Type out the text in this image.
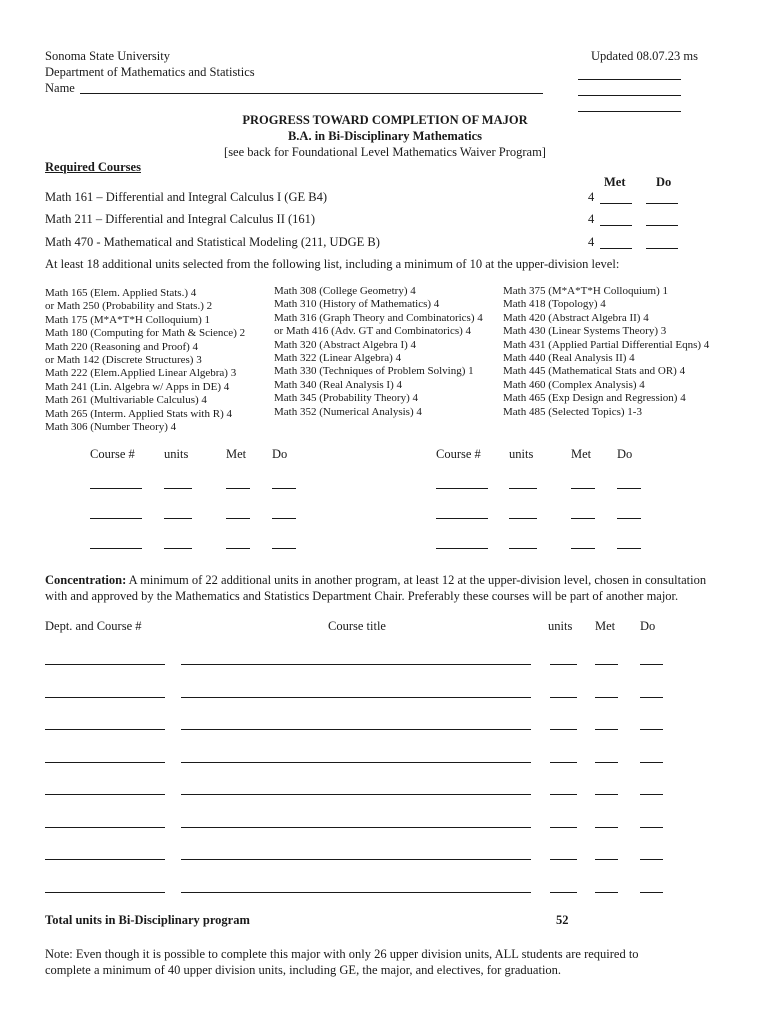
Sonoma State University
Department of Mathematics and Statistics
Name
Updated 08.07.23 ms
PROGRESS TOWARD COMPLETION OF MAJOR
B.A. in Bi-Disciplinary Mathematics
[see back for Foundational Level Mathematics Waiver Program]
Required Courses
Met Do
Math 161 – Differential and Integral Calculus I (GE B4)	4
Math 211 – Differential and Integral Calculus II (161)	4
Math 470 - Mathematical and Statistical Modeling (211, UDGE B)	4
At least 18 additional units selected from the following list, including a minimum of 10 at the upper-division level:
Math 165 (Elem. Applied Stats.) 4
or Math 250 (Probability and Stats.) 2
Math 175 (M*A*T*H Colloquium) 1
Math 180 (Computing for Math & Science) 2
Math 220 (Reasoning and Proof) 4
or Math 142 (Discrete Structures) 3
Math 222 (Elem.Applied Linear Algebra) 3
Math 241 (Lin. Algebra w/ Apps in DE) 4
Math 261 (Multivariable Calculus) 4
Math 265 (Interm. Applied Stats with R) 4
Math 306 (Number Theory) 4
Math 308 (College Geometry) 4
Math 310 (History of Mathematics) 4
Math 316 (Graph Theory and Combinatorics) 4
or Math 416 (Adv. GT and Combinatorics) 4
Math 320 (Abstract Algebra I) 4
Math 322 (Linear Algebra) 4
Math 330 (Techniques of Problem Solving) 1
Math 340 (Real Analysis I) 4
Math 345 (Probability Theory) 4
Math 352 (Numerical Analysis) 4
Math 375 (M*A*T*H Colloquium) 1
Math 418 (Topology) 4
Math 420 (Abstract Algebra II) 4
Math 430 (Linear Systems Theory) 3
Math 431 (Applied Partial Differential Eqns) 4
Math 440 (Real Analysis II) 4
Math 445 (Mathematical Stats and OR) 4
Math 460 (Complex Analysis) 4
Math 465 (Exp Design and Regression) 4
Math 485 (Selected Topics) 1-3
Course # units	Met Do	Course # units	Met Do
Concentration: A minimum of 22 additional units in another program, at least 12 at the upper-division level, chosen in consultation
with and approved by the Mathematics and Statistics Department Chair. Preferably these courses will be part of another major.
Dept. and Course #	Course title	units Met Do
Total units in Bi-Disciplinary program	52
Note: Even though it is possible to complete this major with only 26 upper division units, ALL students are required to
complete a minimum of 40 upper division units, including GE, the major, and electives, for graduation.
